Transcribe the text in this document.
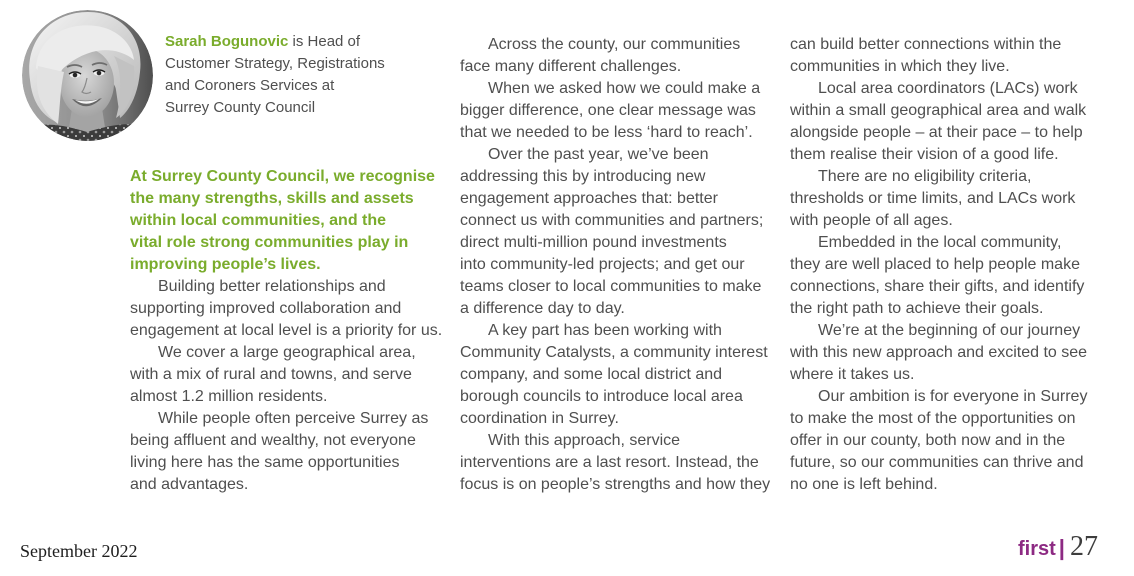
Sarah Bogunovic is Head of
Customer Strategy, Registrations
and Coroners Services at
Surrey County Council
At Surrey County Council, we recognise
the many strengths, skills and assets
within local communities, and the
vital role strong communities play in
improving people’s lives.
Building better relationships and
supporting improved collaboration and
engagement at local level is a priority for us.
We cover a large geographical area,
with a mix of rural and towns, and serve
almost 1.2 million residents.
While people often perceive Surrey as
being affluent and wealthy, not everyone
living here has the same opportunities
and advantages.
Across the county, our communities
face many different challenges.
When we asked how we could make a
bigger difference, one clear message was
that we needed to be less ‘hard to reach’.
Over the past year, we’ve been
addressing this by introducing new
engagement approaches that: better
connect us with communities and partners;
direct multi-million pound investments
into community-led projects; and get our
teams closer to local communities to make
a difference day to day.
A key part has been working with
Community Catalysts, a community interest
company, and some local district and
borough councils to introduce local area
coordination in Surrey.
With this approach, service
interventions are a last resort. Instead, the
focus is on people’s strengths and how they
can build better connections within the
communities in which they live.
Local area coordinators (LACs) work
within a small geographical area and walk
alongside people – at their pace – to help
them realise their vision of a good life.
There are no eligibility criteria,
thresholds or time limits, and LACs work
with people of all ages.
Embedded in the local community,
they are well placed to help people make
connections, share their gifts, and identify
the right path to achieve their goals.
We’re at the beginning of our journey
with this new approach and excited to see
where it takes us.
Our ambition is for everyone in Surrey
to make the most of the opportunities on
offer in our county, both now and in the
future, so our communities can thrive and
no one is left behind.
September 2022	first | 27
